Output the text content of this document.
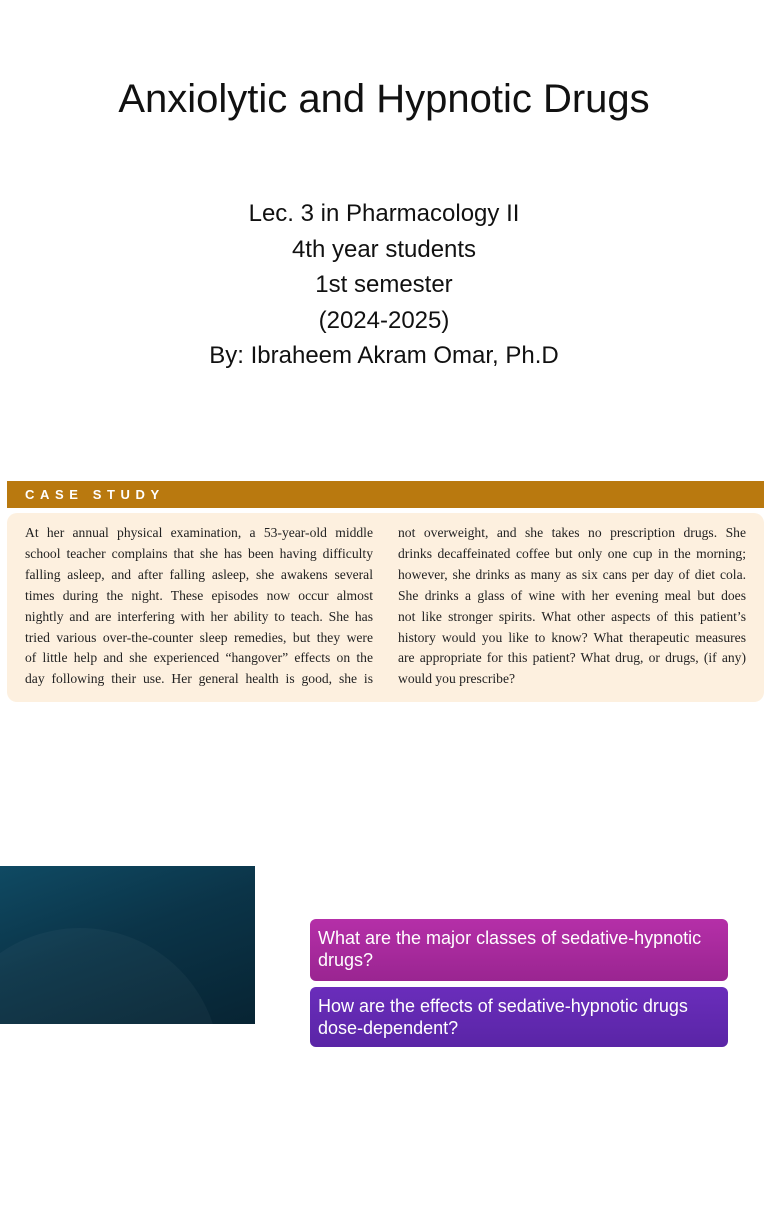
Anxiolytic and Hypnotic Drugs
Lec. 3 in Pharmacology II
4th year students
1st semester
(2024-2025)
By: Ibraheem Akram Omar, Ph.D
CASE STUDY
At her annual physical examination, a 53-year-old middle
school teacher complains that she has been having difficulty
falling asleep, and after falling asleep, she awakens several
times during the night. These episodes now occur almost
nightly and are interfering with her ability to teach. She has
tried various over-the-counter sleep remedies, but they were
of little help and she experienced “hangover” effects on the
day following their use. Her general health is good, she is
not overweight, and she takes no prescription drugs. She
drinks decaffeinated coffee but only one cup in the morning;
however, she drinks as many as six cans per day of diet cola.
She drinks a glass of wine with her evening meal but does
not like stronger spirits. What other aspects of this patient’s
history would you like to know? What therapeutic measures
are appropriate for this patient? What drug, or drugs, (if any)
would you prescribe?
What are the major classes of sedative-hypnotic drugs?
How are the effects of sedative-hypnotic drugs dose-dependent?
